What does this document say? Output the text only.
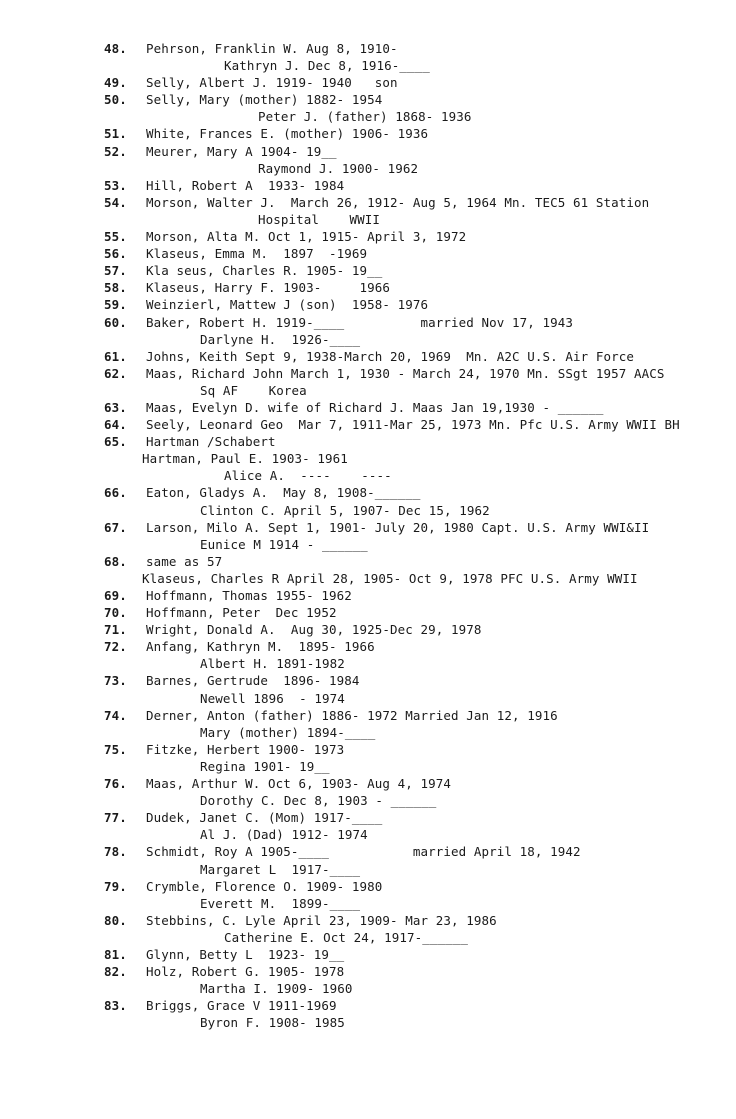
48.	Pehrson, Franklin W. Aug 8, 1910-
Kathryn J. Dec 8, 1916-____
49.	Selly, Albert J. 1919- 1940   son
50.	Selly, Mary (mother) 1882- 1954
Peter J. (father) 1868- 1936
51.	White, Frances E. (mother) 1906- 1936
52.	Meurer, Mary A 1904- 19__
Raymond J. 1900- 1962
53.	Hill, Robert A  1933- 1984
54.	Morson, Walter J.  March 26, 1912- Aug 5, 1964 Mn. TEC5 61 Station
Hospital    WWII
55.	Morson, Alta M. Oct 1, 1915- April 3, 1972
56.	Klaseus, Emma M.  1897  -1969
57.	Kla seus, Charles R. 1905- 19__
58.	Klaseus, Harry F. 1903-     1966
59.	Weinzierl, Mattew J (son)  1958- 1976
60.	Baker, Robert H. 1919-____          married Nov 17, 1943
Darlyne H.  1926-____
61.	Johns, Keith Sept 9, 1938-March 20, 1969  Mn. A2C U.S. Air Force
62.	Maas, Richard John March 1, 1930 - March 24, 1970 Mn. SSgt 1957 AACS
Sq AF    Korea
63.	Maas, Evelyn D. wife of Richard J. Maas Jan 19,1930 - ______
64.	Seely, Leonard Geo  Mar 7, 1911-Mar 25, 1973 Mn. Pfc U.S. Army WWII BH
65.	Hartman /Schabert
Hartman, Paul E. 1903- 1961
Alice A.  ----    ----
66.	Eaton, Gladys A.  May 8, 1908-______
Clinton C. April 5, 1907- Dec 15, 1962
67.	Larson, Milo A. Sept 1, 1901- July 20, 1980 Capt. U.S. Army WWI&II
Eunice M 1914 - ______
68.	same as 57
Klaseus, Charles R April 28, 1905- Oct 9, 1978 PFC U.S. Army WWII
69.	Hoffmann, Thomas 1955- 1962
70.	Hoffmann, Peter  Dec 1952
71.	Wright, Donald A.  Aug 30, 1925-Dec 29, 1978
72.	Anfang, Kathryn M.  1895- 1966
Albert H. 1891-1982
73.	Barnes, Gertrude  1896- 1984
Newell 1896  - 1974
74.	Derner, Anton (father) 1886- 1972 Married Jan 12, 1916
Mary (mother) 1894-____
75.	Fitzke, Herbert 1900- 1973
Regina 1901- 19__
76.	Maas, Arthur W. Oct 6, 1903- Aug 4, 1974
Dorothy C. Dec 8, 1903 - ______
77.	Dudek, Janet C. (Mom) 1917-____
Al J. (Dad) 1912- 1974
78.	Schmidt, Roy A 1905-____           married April 18, 1942
Margaret L  1917-____
79.	Crymble, Florence O. 1909- 1980
Everett M.  1899-____
80.	Stebbins, C. Lyle April 23, 1909- Mar 23, 1986
Catherine E. Oct 24, 1917-______
81.	Glynn, Betty L  1923- 19__
82.	Holz, Robert G. 1905- 1978
Martha I. 1909- 1960
83.	Briggs, Grace V 1911-1969
Byron F. 1908- 1985
